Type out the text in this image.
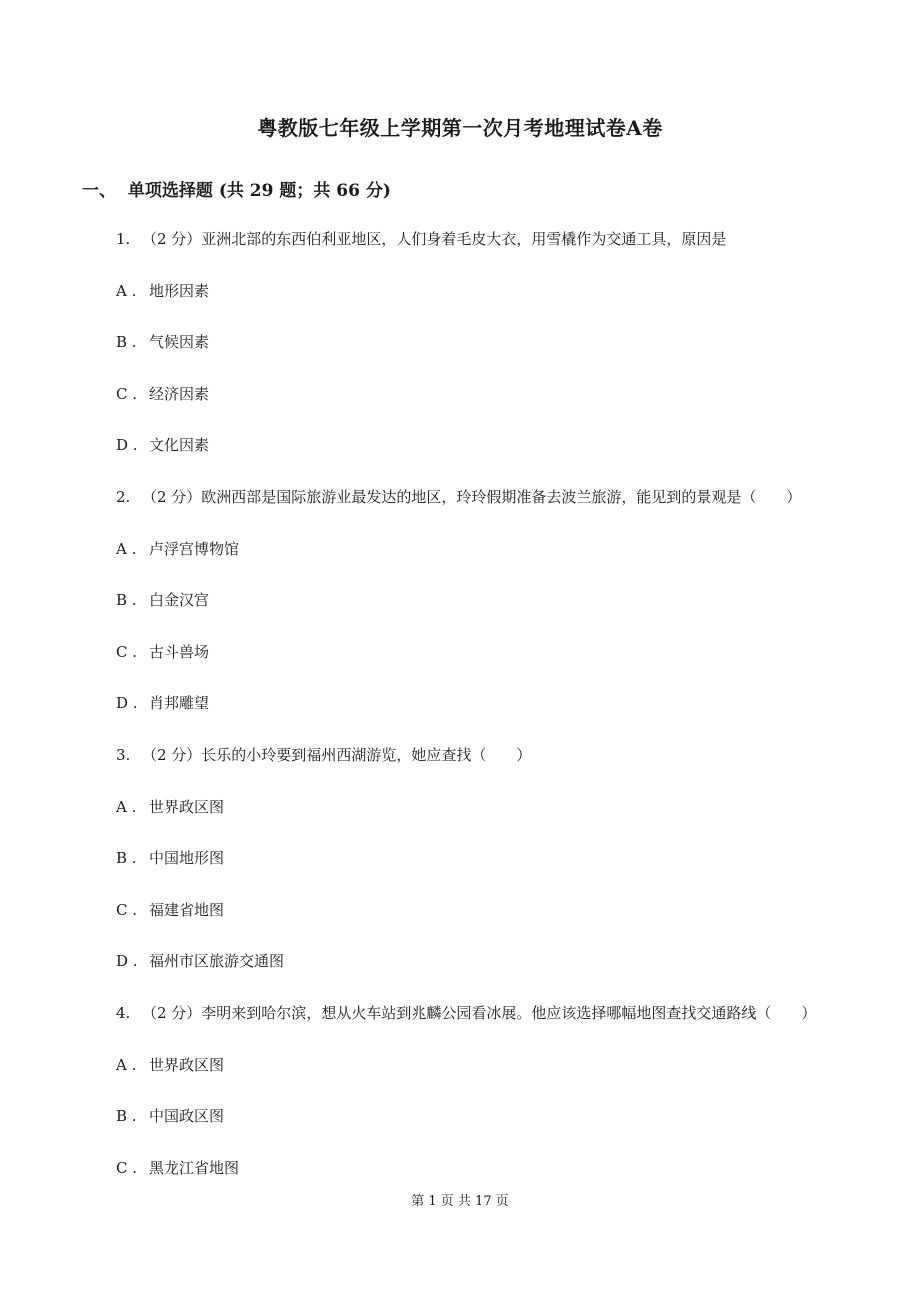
粤教版七年级上学期第一次月考地理试卷A卷
一、 单项选择题 (共 29 题；共 66 分)
1. （2 分）亚洲北部的东西伯利亚地区，人们身着毛皮大衣，用雪橇作为交通工具，原因是
A . 地形因素
B . 气候因素
C . 经济因素
D . 文化因素
2. （2 分）欧洲西部是国际旅游业最发达的地区，玲玲假期准备去波兰旅游，能见到的景观是（　　）
A . 卢浮宫博物馆
B . 白金汉宫
C . 古斗兽场
D . 肖邦雕望
3. （2 分）长乐的小玲要到福州西湖游览，她应查找（　　）
A . 世界政区图
B . 中国地形图
C . 福建省地图
D . 福州市区旅游交通图
4. （2 分）李明来到哈尔滨，想从火车站到兆麟公园看冰展。他应该选择哪幅地图查找交通路线（　　）
A . 世界政区图
B . 中国政区图
C . 黑龙江省地图
第 1 页 共 17 页
